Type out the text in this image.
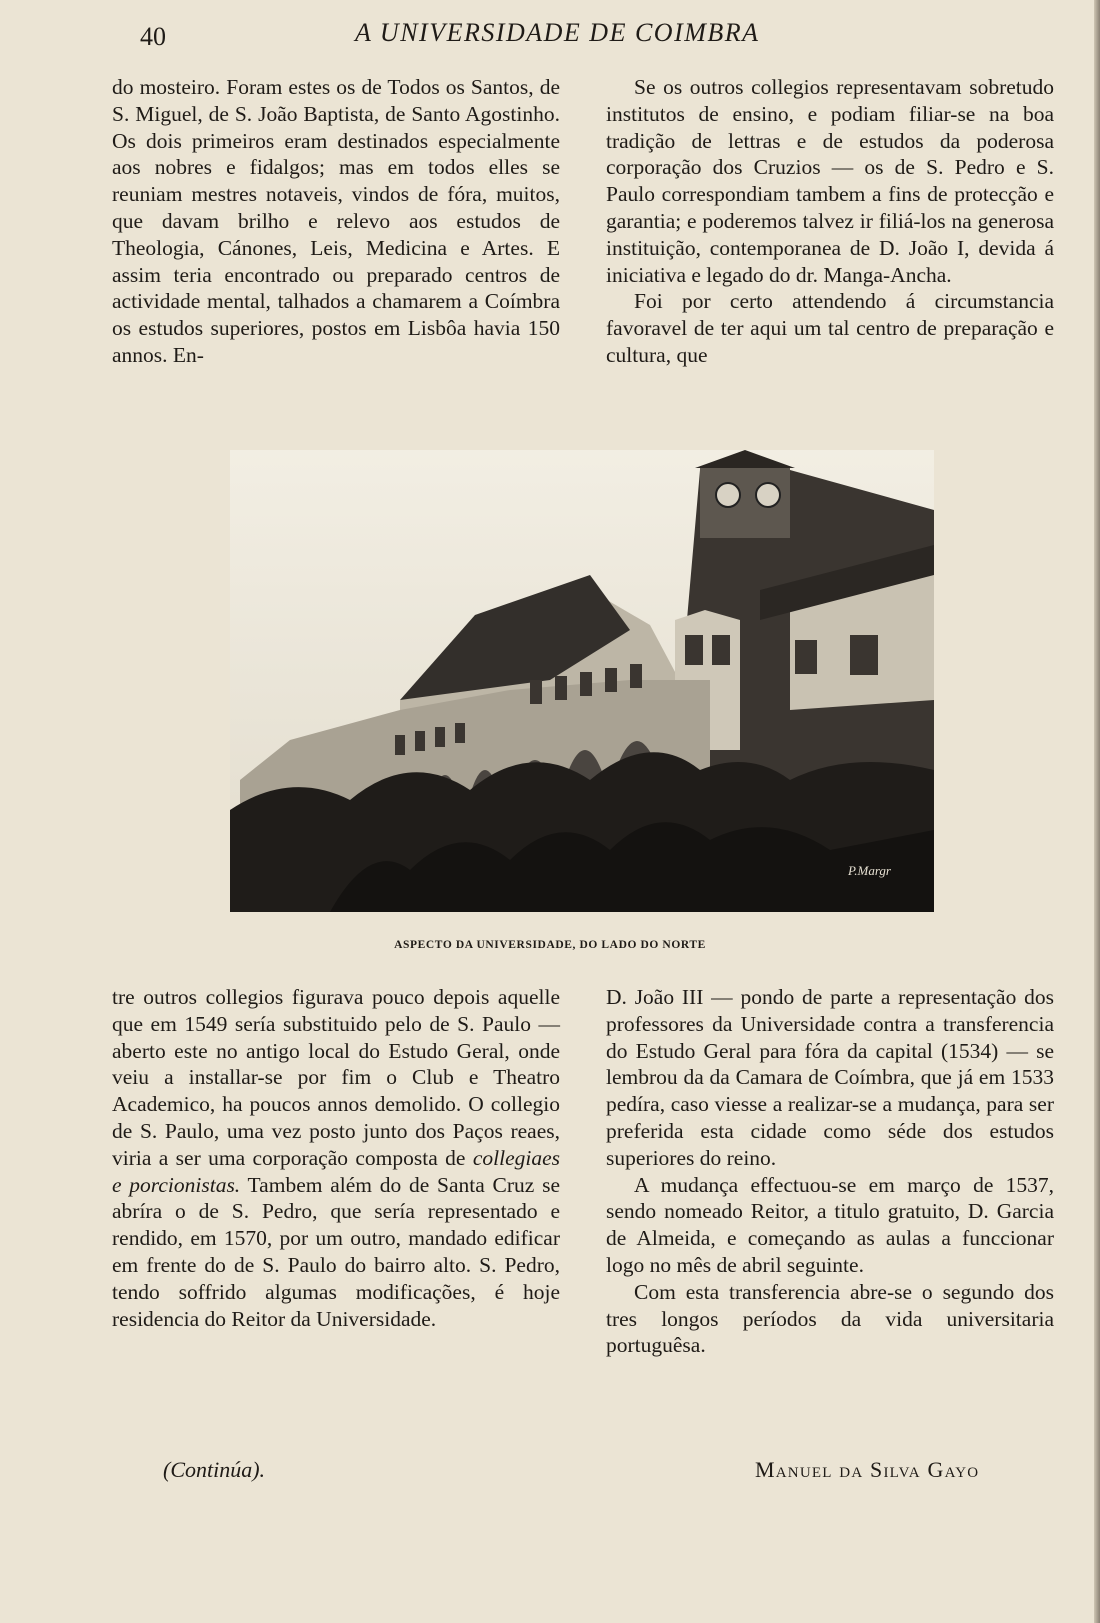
40	A UNIVERSIDADE DE COIMBRA

do mosteiro. Foram estes os de Todos os Santos, de S. Miguel, de S. João Baptista, de Santo Agostinho. Os dois primeiros eram destinados especialmente aos nobres e fidalgos; mas em todos elles se reuniam mestres notaveis, vindos de fóra, muitos, que davam brilho e relevo aos estudos de Theologia, Cánones, Leis, Medicina e Artes. E assim teria encontrado ou preparado centros de actividade mental, talhados a chamarem a Coímbra os estudos superiores, postos em Lisbôa havia 150 annos. En-

Se os outros collegios representavam sobretudo institutos de ensino, e podiam filiar-se na boa tradição de lettras e de estudos da poderosa corporação dos Cruzios — os de S. Pedro e S. Paulo correspondiam tambem a fins de protecção e garantia; e poderemos talvez ir filiá-los na generosa instituição, contemporanea de D. João I, devida á iniciativa e legado do dr. Manga-Ancha.

Foi por certo attendendo á circumstancia favoravel de ter aqui um tal centro de preparação e cultura, que

P.Margr
ASPECTO DA UNIVERSIDADE, DO LADO DO NORTE

tre outros collegios figurava pouco depois aquelle que em 1549 sería substituido pelo de S. Paulo — aberto este no antigo local do Estudo Geral, onde veiu a installar-se por fim o Club e Theatro Academico, ha poucos annos demolido. O collegio de S. Paulo, uma vez posto junto dos Paços reaes, viria a ser uma corporação composta de collegiaes e porcionistas. Tambem além do de Santa Cruz se abríra o de S. Pedro, que sería representado e rendido, em 1570, por um outro, mandado edificar em frente do de S. Paulo do bairro alto. S. Pedro, tendo soffrido algumas modificações, é hoje residencia do Reitor da Universidade.

D. João III — pondo de parte a representação dos professores da Universidade contra a transferencia do Estudo Geral para fóra da capital (1534) — se lembrou da da Camara de Coímbra, que já em 1533 pedíra, caso viesse a realizar-se a mudança, para ser preferida esta cidade como séde dos estudos superiores do reino.

A mudança effectuou-se em março de 1537, sendo nomeado Reitor, a titulo gratuito, D. Garcia de Almeida, e começando as aulas a funccionar logo no mês de abril seguinte.

Com esta transferencia abre-se o segundo dos tres longos períodos da vida universitaria portuguêsa.

(Continúa).	Manuel da Silva Gayo
